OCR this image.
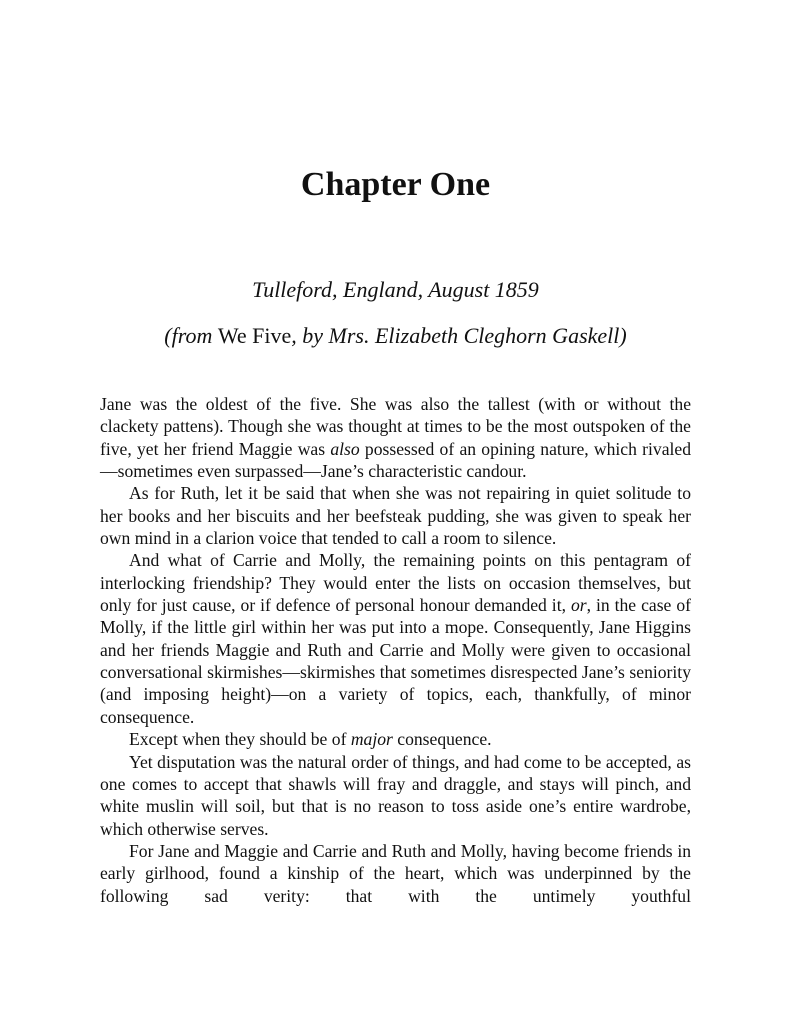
Chapter One

Tulleford, England, August 1859

(from We Five, by Mrs. Elizabeth Cleghorn Gaskell)

Jane was the oldest of the five. She was also the tallest (with or without the clackety pattens). Though she was thought at times to be the most outspoken of the five, yet her friend Maggie was also possessed of an opining nature, which rivaled—sometimes even surpassed—Jane’s characteristic candour.

As for Ruth, let it be said that when she was not repairing in quiet solitude to her books and her biscuits and her beefsteak pudding, she was given to speak her own mind in a clarion voice that tended to call a room to silence.

And what of Carrie and Molly, the remaining points on this pentagram of interlocking friendship? They would enter the lists on occasion themselves, but only for just cause, or if defence of personal honour demanded it, or, in the case of Molly, if the little girl within her was put into a mope. Consequently, Jane Higgins and her friends Maggie and Ruth and Carrie and Molly were given to occasional conversational skirmishes—skirmishes that sometimes disrespected Jane’s seniority (and imposing height)—on a variety of topics, each, thankfully, of minor consequence.

Except when they should be of major consequence.

Yet disputation was the natural order of things, and had come to be accepted, as one comes to accept that shawls will fray and draggle, and stays will pinch, and white muslin will soil, but that is no reason to toss aside one’s entire wardrobe, which otherwise serves.

For Jane and Maggie and Carrie and Ruth and Molly, having become friends in early girlhood, found a kinship of the heart, which was underpinned by the following sad verity: that with the untimely youthful
